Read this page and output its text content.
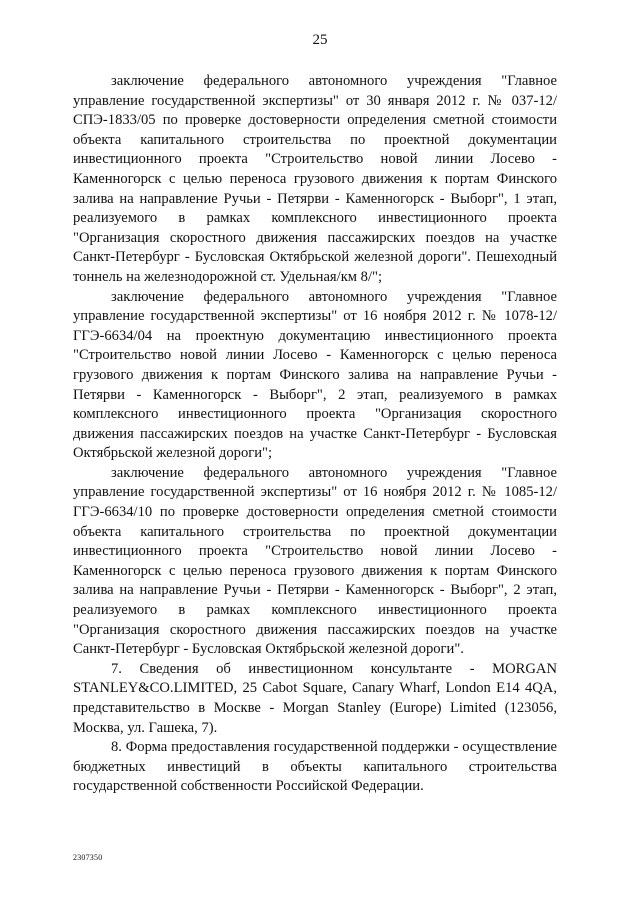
25

заключение федерального автономного учреждения "Главное управление государственной экспертизы" от 30 января 2012 г. № 037-12/СПЭ-1833/05 по проверке достоверности определения сметной стоимости объекта капитального строительства по проектной документации инвестиционного проекта "Строительство новой линии Лосево - Каменногорск с целью переноса грузового движения к портам Финского залива на направление Ручьи - Петярви - Каменногорск - Выборг", 1 этап, реализуемого в рамках комплексного инвестиционного проекта "Организация скоростного движения пассажирских поездов на участке Санкт-Петербург - Бусловская Октябрьской железной дороги". Пешеходный тоннель на железнодорожной ст. Удельная/км 8/";

заключение федерального автономного учреждения "Главное управление государственной экспертизы" от 16 ноября 2012 г. № 1078-12/ГГЭ-6634/04 на проектную документацию инвестиционного проекта "Строительство новой линии Лосево - Каменногорск с целью переноса грузового движения к портам Финского залива на направление Ручьи - Петярви - Каменногорск - Выборг", 2 этап, реализуемого в рамках комплексного инвестиционного проекта "Организация скоростного движения пассажирских поездов на участке Санкт-Петербург - Бусловская Октябрьской железной дороги";

заключение федерального автономного учреждения "Главное управление государственной экспертизы" от 16 ноября 2012 г. № 1085-12/ГГЭ-6634/10 по проверке достоверности определения сметной стоимости объекта капитального строительства по проектной документации инвестиционного проекта "Строительство новой линии Лосево - Каменногорск с целью переноса грузового движения к портам Финского залива на направление Ручьи - Петярви - Каменногорск - Выборг", 2 этап, реализуемого в рамках комплексного инвестиционного проекта "Организация скоростного движения пассажирских поездов на участке Санкт-Петербург - Бусловская Октябрьской железной дороги".

7. Сведения об инвестиционном консультанте - MORGAN STANLEY&CO.LIMITED, 25 Cabot Square, Canary Wharf, London E14 4QA, представительство в Москве - Morgan Stanley (Europe) Limited (123056, Москва, ул. Гашека, 7).

8. Форма предоставления государственной поддержки - осуществление бюджетных инвестиций в объекты капитального строительства государственной собственности Российской Федерации.

2307350
